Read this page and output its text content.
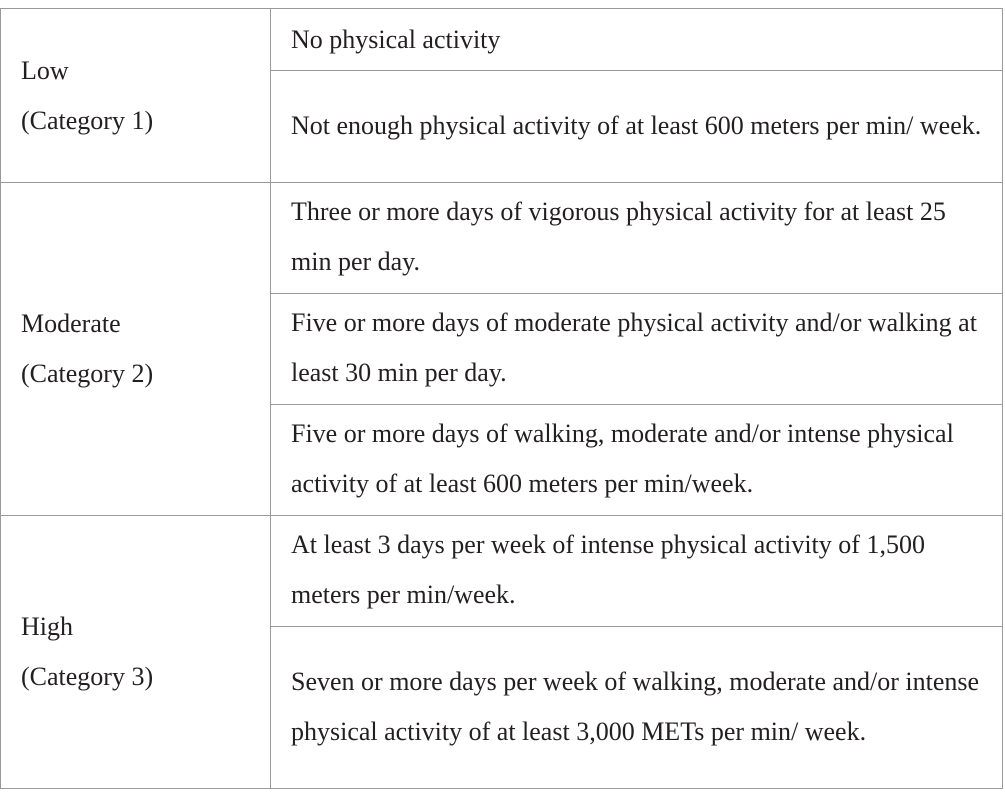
Low
(Category 1)	No physical activity
	Not enough physical activity of at least 600 meters per min/ week.

Moderate
(Category 2)	Three or more days of vigorous physical activity for at least 25 min per day.
	Five or more days of moderate physical activity and/or walking at least 30 min per day.
	Five or more days of walking, moderate and/or intense physical activity of at least 600 meters per min/week.

High
(Category 3)	At least 3 days per week of intense physical activity of 1,500 meters per min/week.
	Seven or more days per week of walking, moderate and/or intense physical activity of at least 3,000 METs per min/ week.
